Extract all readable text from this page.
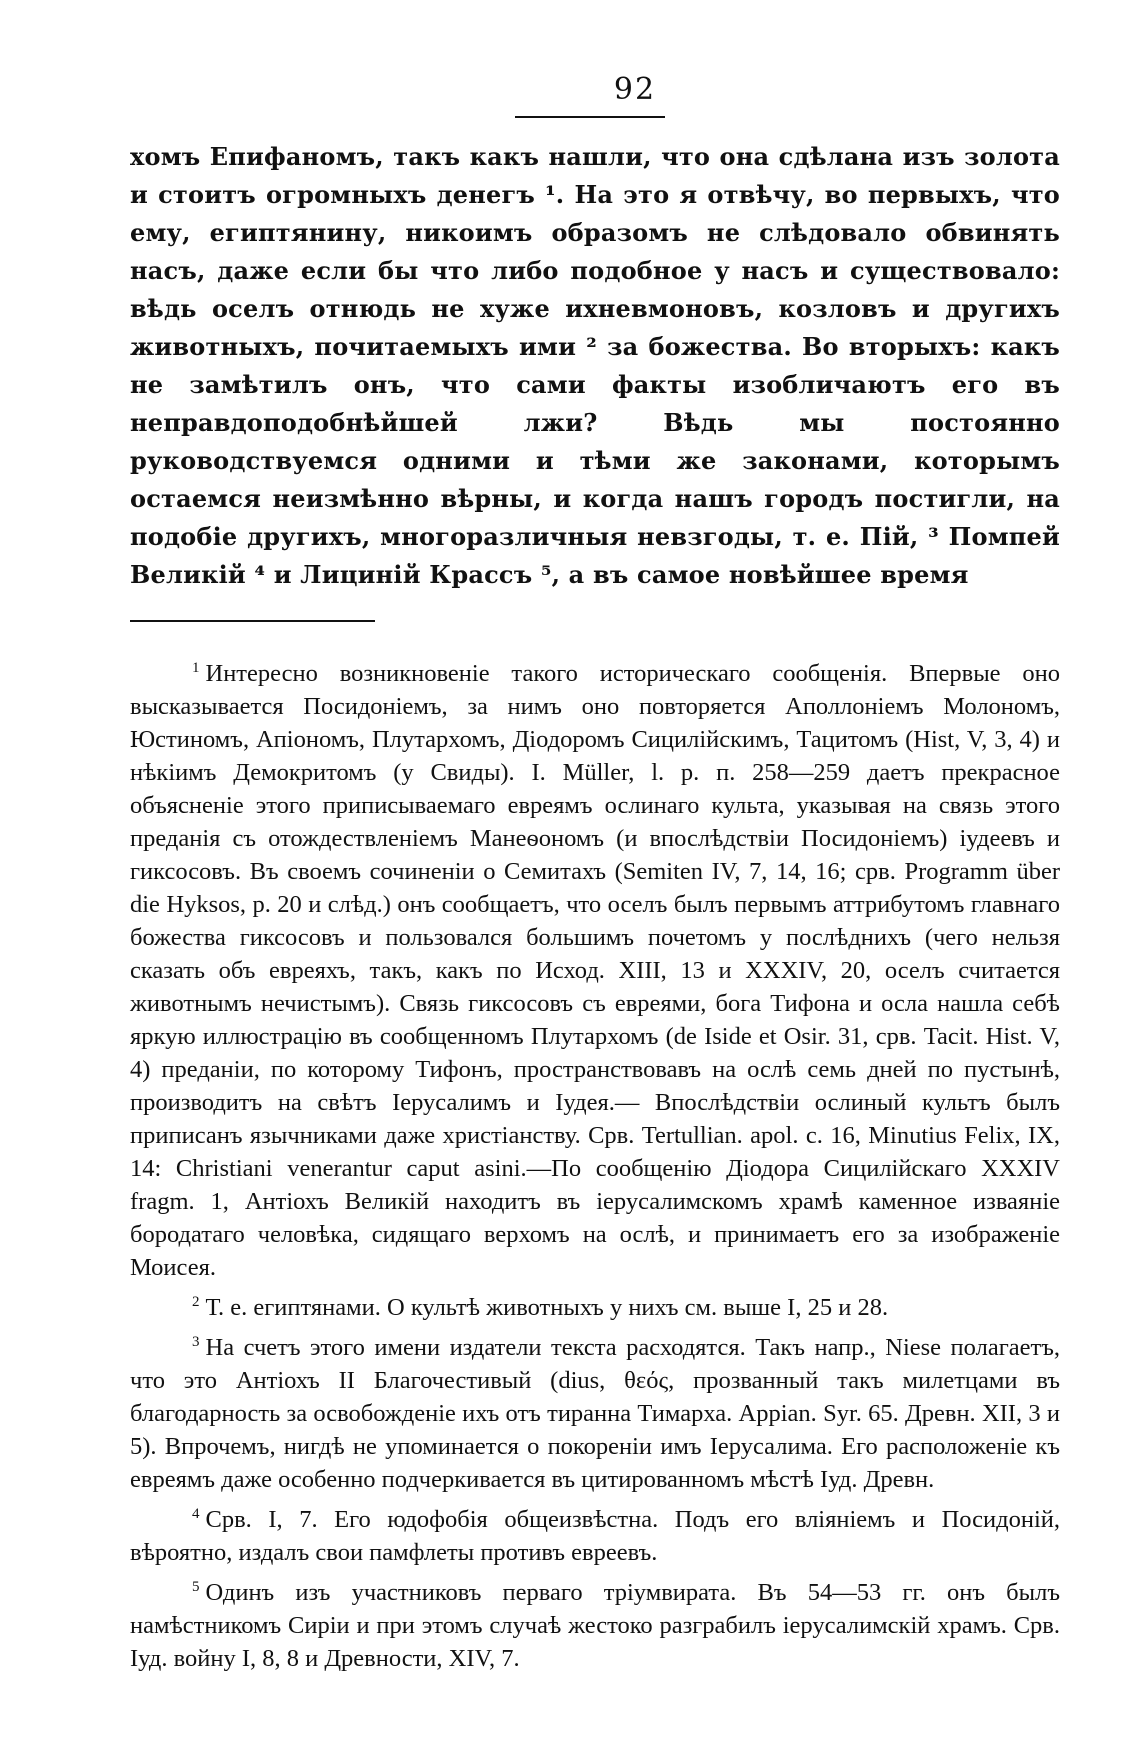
92

хомъ Епифаномъ, такъ какъ нашли, что она сдѣлана изъ золота и стоитъ огромныхъ денегъ ¹. На это я отвѣчу, во первыхъ, что ему, египтянину, никоимъ образомъ не слѣдовало обвинять насъ, даже если бы что либо подобное у насъ и существовало: вѣдь оселъ отнюдь не хуже ихневмоновъ, козловъ и другихъ животныхъ, почитаемыхъ ими ² за божества. Во вторыхъ: какъ не замѣтилъ онъ, что сами факты изобличаютъ его въ неправдоподобнѣйшей лжи? Вѣдь мы постоянно руководствуемся одними и тѣми же законами, которымъ остаемся неизмѣнно вѣрны, и когда нашъ городъ постигли, на подобіе другихъ, многоразличныя невзгоды, т. е. Пій, ³ Помпей Великій ⁴ и Лициній Крассъ ⁵, а въ самое новѣйшее время

$^1$ Интересно возникновеніе такого историческаго сообщенія. Впервые оно высказывается Посидоніемъ, за нимъ оно повторяется Аполлоніемъ Молономъ, Юстиномъ, Апіономъ, Плутархомъ, Діодоромъ Сицилійскимъ, Тацитомъ (Hist, V, 3, 4) и нѣкіимъ Демокритомъ (у Свиды). I. Müller, l. p. п. 258—259 даетъ прекрасное объясненіе этого приписываемаго евреямъ ослинаго культа, указывая на связь этого преданія съ отождествленіемъ Манеѳономъ (и впослѣдствіи Посидоніемъ) іудеевъ и гиксосовъ. Въ своемъ сочиненіи о Семитахъ (Semiten IV, 7, 14, 16; срв. Programm über die Hyksos, p. 20 и слѣд.) онъ сообщаетъ, что оселъ былъ первымъ аттрибутомъ главнаго божества гиксосовъ и пользовался большимъ почетомъ у послѣднихъ (чего нельзя сказать объ евреяхъ, такъ, какъ по Исход. XIII, 13 и XXXIV, 20, оселъ считается животнымъ нечистымъ). Связь гиксосовъ съ евреями, бога Тифона и осла нашла себѣ яркую иллюстрацію въ сообщенномъ Плутархомъ (de Iside et Osir. 31, срв. Tacit. Hist. V, 4) преданіи, по которому Тифонъ, пространствовавъ на ослѣ семь дней по пустынѣ, производитъ на свѣтъ Іерусалимъ и Іудея.— Впослѣдствіи ослиный культъ былъ приписанъ язычниками даже христіанству. Срв. Tertullian. apol. c. 16, Minutius Felix, IX, 14: Christiani venerantur caput asini.—По сообщенію Діодора Сицилійскаго XXXIV fragm. 1, Антіохъ Великій находитъ въ іерусалимскомъ храмѣ каменное изваяніе бородатаго человѣка, сидящаго верхомъ на ослѣ, и принимаетъ его за изображеніе Моисея.

$^2$ Т. е. египтянами. О культѣ животныхъ у нихъ см. выше I, 25 и 28.

$^3$ На счетъ этого имени издатели текста расходятся. Такъ напр., Niese полагаетъ, что это Антіохъ II Благочестивый (dius, θεός, прозванный такъ милетцами въ благодарность за освобожденіе ихъ отъ тиранна Тимарха. Appian. Syr. 65. Древн. XII, 3 и 5). Впрочемъ, нигдѣ не упоминается о покореніи имъ Іерусалима. Его расположеніе къ евреямъ даже особенно подчеркивается въ цитированномъ мѣстѣ Іуд. Древн.

$^4$ Срв. I, 7. Его юдофобія общеизвѣстна. Подъ его вліяніемъ и Посидоній, вѣроятно, издалъ свои памфлеты противъ евреевъ.

$^5$ Одинъ изъ участниковъ перваго тріумвирата. Въ 54—53 гг. онъ былъ намѣстникомъ Сиріи и при этомъ случаѣ жестоко разграбилъ іерусалимскій храмъ. Срв. Іуд. войну I, 8, 8 и Древности, XIV, 7.
